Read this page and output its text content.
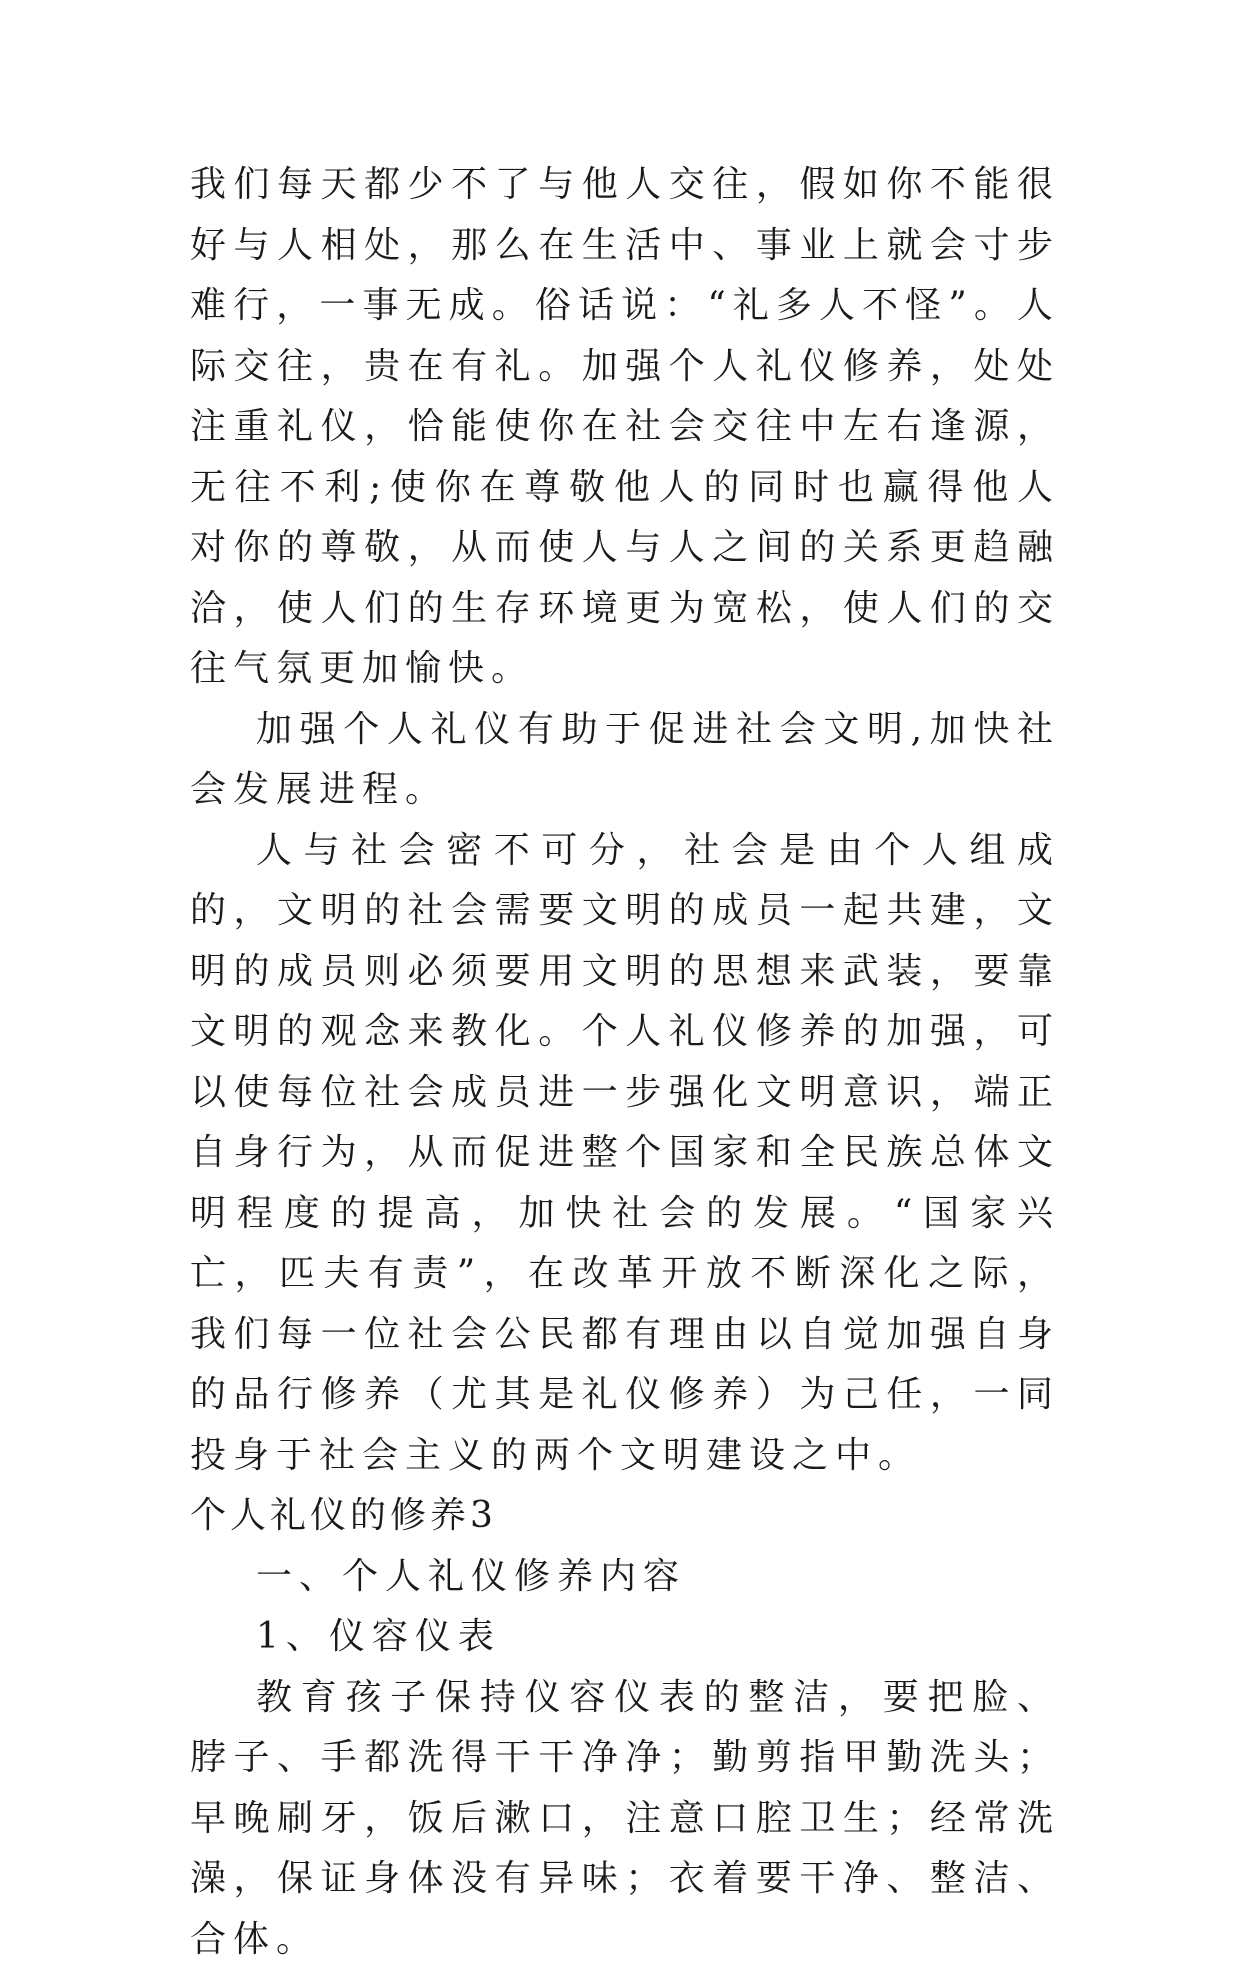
我们每天都少不了与他人交往，假如你不能很好与人相处，那么在生活中、事业上就会寸步难行，一事无成。俗话说：“礼多人不怪”。人际交往，贵在有礼。加强个人礼仪修养，处处注重礼仪，恰能使你在社会交往中左右逢源，无往不利;使你在尊敬他人的同时也赢得他人对你的尊敬，从而使人与人之间的关系更趋融洽，使人们的生存环境更为宽松，使人们的交往气氛更加愉快。

加强个人礼仪有助于促进社会文明,加快社会发展进程。

人与社会密不可分，社会是由个人组成的，文明的社会需要文明的成员一起共建，文明的成员则必须要用文明的思想来武装，要靠文明的观念来教化。个人礼仪修养的加强，可以使每位社会成员进一步强化文明意识，端正自身行为，从而促进整个国家和全民族总体文明程度的提高，加快社会的发展。“国家兴亡，匹夫有责”，在改革开放不断深化之际，我们每一位社会公民都有理由以自觉加强自身的品行修养（尤其是礼仪修养）为己任，一同投身于社会主义的两个文明建设之中。

个人礼仪的修养3

一、个人礼仪修养内容

1、仪容仪表

教育孩子保持仪容仪表的整洁，要把脸、脖子、手都洗得干干净净；勤剪指甲勤洗头；早晚刷牙，饭后漱口，注意口腔卫生；经常洗澡，保证身体没有异味；衣着要干净、整洁、合体。
